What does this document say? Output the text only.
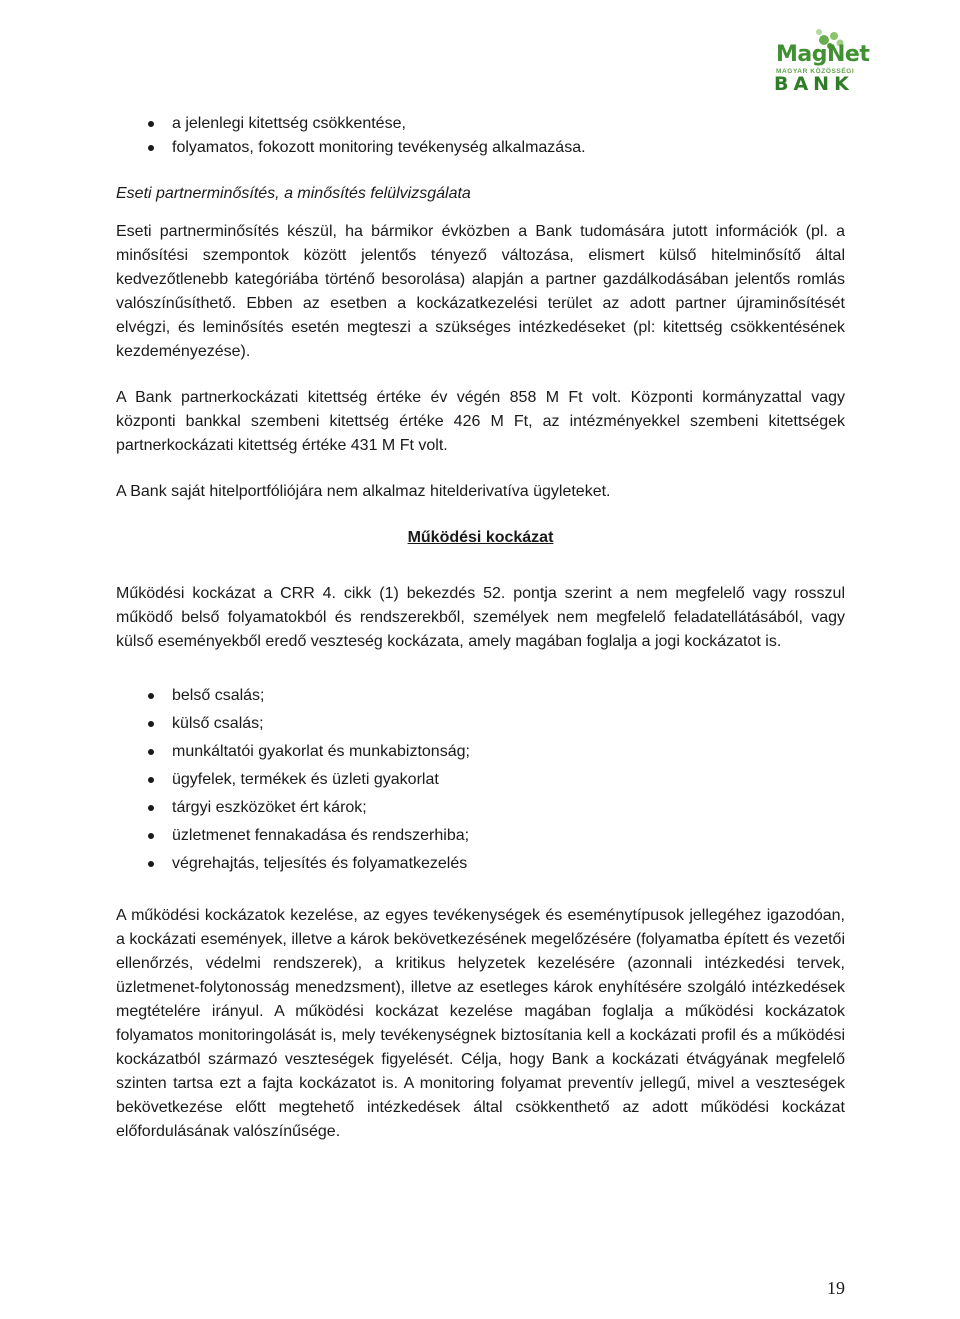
MagNet
MAGYAR KÖZÖSSÉGI
BANK
a jelenlegi kitettség csökkentése,
folyamatos, fokozott monitoring tevékenység alkalmazása.

Eseti partnerminősítés, a minősítés felülvizsgálata

Eseti partnerminősítés készül, ha bármikor évközben a Bank tudomására jutott információk (pl. a minősítési szempontok között jelentős tényező változása, elismert külső hitelminősítő által kedvezőtlenebb kategóriába történő besorolása) alapján a partner gazdálkodásában jelentős romlás valószínűsíthető. Ebben az esetben a kockázatkezelési terület az adott partner újraminősítését elvégzi, és leminősítés esetén megteszi a szükséges intézkedéseket (pl: kitettség csökkentésének kezdeményezése).

A Bank partnerkockázati kitettség értéke év végén 858 M Ft volt. Központi kormányzattal vagy központi bankkal szembeni kitettség értéke 426 M Ft, az intézményekkel szembeni kitettségek partnerkockázati kitettség értéke 431 M Ft volt.

A Bank saját hitelportfóliójára nem alkalmaz hitelderivatíva ügyleteket.

Működési kockázat

Működési kockázat a CRR 4. cikk (1) bekezdés 52. pontja szerint a nem megfelelő vagy rosszul működő belső folyamatokból és rendszerekből, személyek nem megfelelő feladatellátásából, vagy külső eseményekből eredő veszteség kockázata, amely magában foglalja a jogi kockázatot is.

belső csalás;
külső csalás;
munkáltatói gyakorlat és munkabiztonság;
ügyfelek, termékek és üzleti gyakorlat
tárgyi eszközöket ért károk;
üzletmenet fennakadása és rendszerhiba;
végrehajtás, teljesítés és folyamatkezelés

A működési kockázatok kezelése, az egyes tevékenységek és eseménytípusok jellegéhez igazodóan, a kockázati események, illetve a károk bekövetkezésének megelőzésére (folyamatba épített és vezetői ellenőrzés, védelmi rendszerek), a kritikus helyzetek kezelésére (azonnali intézkedési tervek, üzletmenet-folytonosság menedzsment), illetve az esetleges károk enyhítésére szolgáló intézkedések megtételére irányul. A működési kockázat kezelése magában foglalja a működési kockázatok folyamatos monitoringolását is, mely tevékenységnek biztosítania kell a kockázati profil és a működési kockázatból származó veszteségek figyelését. Célja, hogy Bank a kockázati étvágyának megfelelő szinten tartsa ezt a fajta kockázatot is. A monitoring folyamat preventív jellegű, mivel a veszteségek bekövetkezése előtt megtehető intézkedések által csökkenthető az adott működési kockázat előfordulásának valószínűsége.

19
